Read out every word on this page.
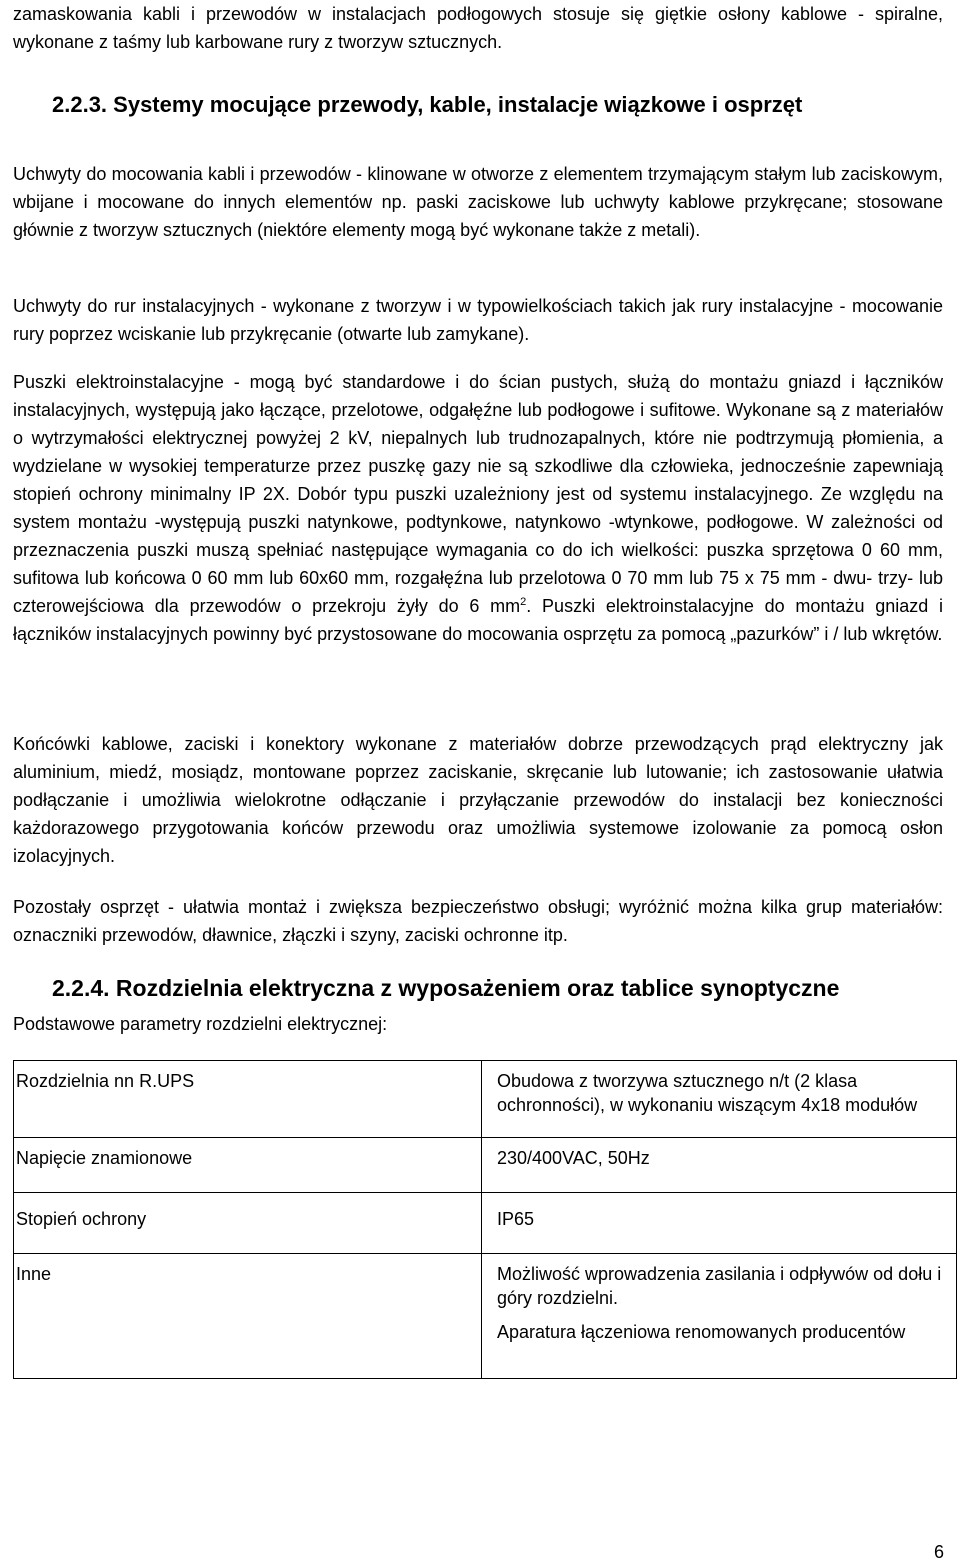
zamaskowania kabli i przewodów w instalacjach podłogowych stosuje się giętkie osłony kablowe - spiralne, wykonane z taśmy lub karbowane rury z tworzyw sztucznych.

2.2.3. Systemy mocujące przewody, kable, instalacje wiązkowe i osprzęt

Uchwyty do mocowania kabli i przewodów - klinowane w otworze z elementem trzymającym stałym lub zaciskowym, wbijane i mocowane do innych elementów np. paski zaciskowe lub uchwyty kablowe przykręcane; stosowane głównie z tworzyw sztucznych (niektóre elementy mogą być wykonane także z metali).

Uchwyty do rur instalacyjnych - wykonane z tworzyw i w typowielkościach takich jak rury instalacyjne - mocowanie rury poprzez wciskanie lub przykręcanie (otwarte lub zamykane).

Puszki elektroinstalacyjne - mogą być standardowe i do ścian pustych, służą do montażu gniazd i łączników instalacyjnych, występują jako łączące, przelotowe, odgałęźne lub podłogowe i sufitowe. Wykonane są z materiałów o wytrzymałości elektrycznej powyżej 2 kV, niepalnych lub trudnozapalnych, które nie podtrzymują płomienia, a wydzielane w wysokiej temperaturze przez puszkę gazy nie są szkodliwe dla człowieka, jednocześnie zapewniają stopień ochrony minimalny IP 2X. Dobór typu puszki uzależniony jest od systemu instalacyjnego. Ze względu na system montażu -występują puszki natynkowe, podtynkowe, natynkowo -wtynkowe, podłogowe. W zależności od przeznaczenia puszki muszą spełniać następujące wymagania co do ich wielkości: puszka sprzętowa 0 60 mm, sufitowa lub końcowa 0 60 mm lub 60x60 mm, rozgałęźna lub przelotowa 0 70 mm lub 75 x 75 mm - dwu- trzy- lub czterowejściowa dla przewodów o przekroju żyły do 6 $mm^2$. Puszki elektroinstalacyjne do montażu gniazd i łączników instalacyjnych powinny być przystosowane do mocowania osprzętu za pomocą „pazurków” i / lub wkrętów.

Końcówki kablowe, zaciski i konektory wykonane z materiałów dobrze przewodzących prąd elektryczny jak aluminium, miedź, mosiądz, montowane poprzez zaciskanie, skręcanie lub lutowanie; ich zastosowanie ułatwia podłączanie i umożliwia wielokrotne odłączanie i przyłączanie przewodów do instalacji bez konieczności każdorazowego przygotowania końców przewodu oraz umożliwia systemowe izolowanie za pomocą osłon izolacyjnych.

Pozostały osprzęt - ułatwia montaż i zwiększa bezpieczeństwo obsługi; wyróżnić można kilka grup materiałów: oznaczniki przewodów, dławnice, złączki i szyny, zaciski ochronne itp.

2.2.4. Rozdzielnia elektryczna z wyposażeniem oraz tablice synoptyczne
Podstawowe parametry rozdzielni elektrycznej:
Rozdzielnia nn R.UPS	Obudowa z tworzywa sztucznego n/t (2 klasa ochronności), w wykonaniu wiszącym 4x18 modułów
Napięcie znamionowe	230/400VAC, 50Hz
Stopień ochrony	IP65
Inne	Możliwość wprowadzenia zasilania i odpływów od dołu i góry rozdzielni.
Aparatura łączeniowa renomowanych producentów
6
